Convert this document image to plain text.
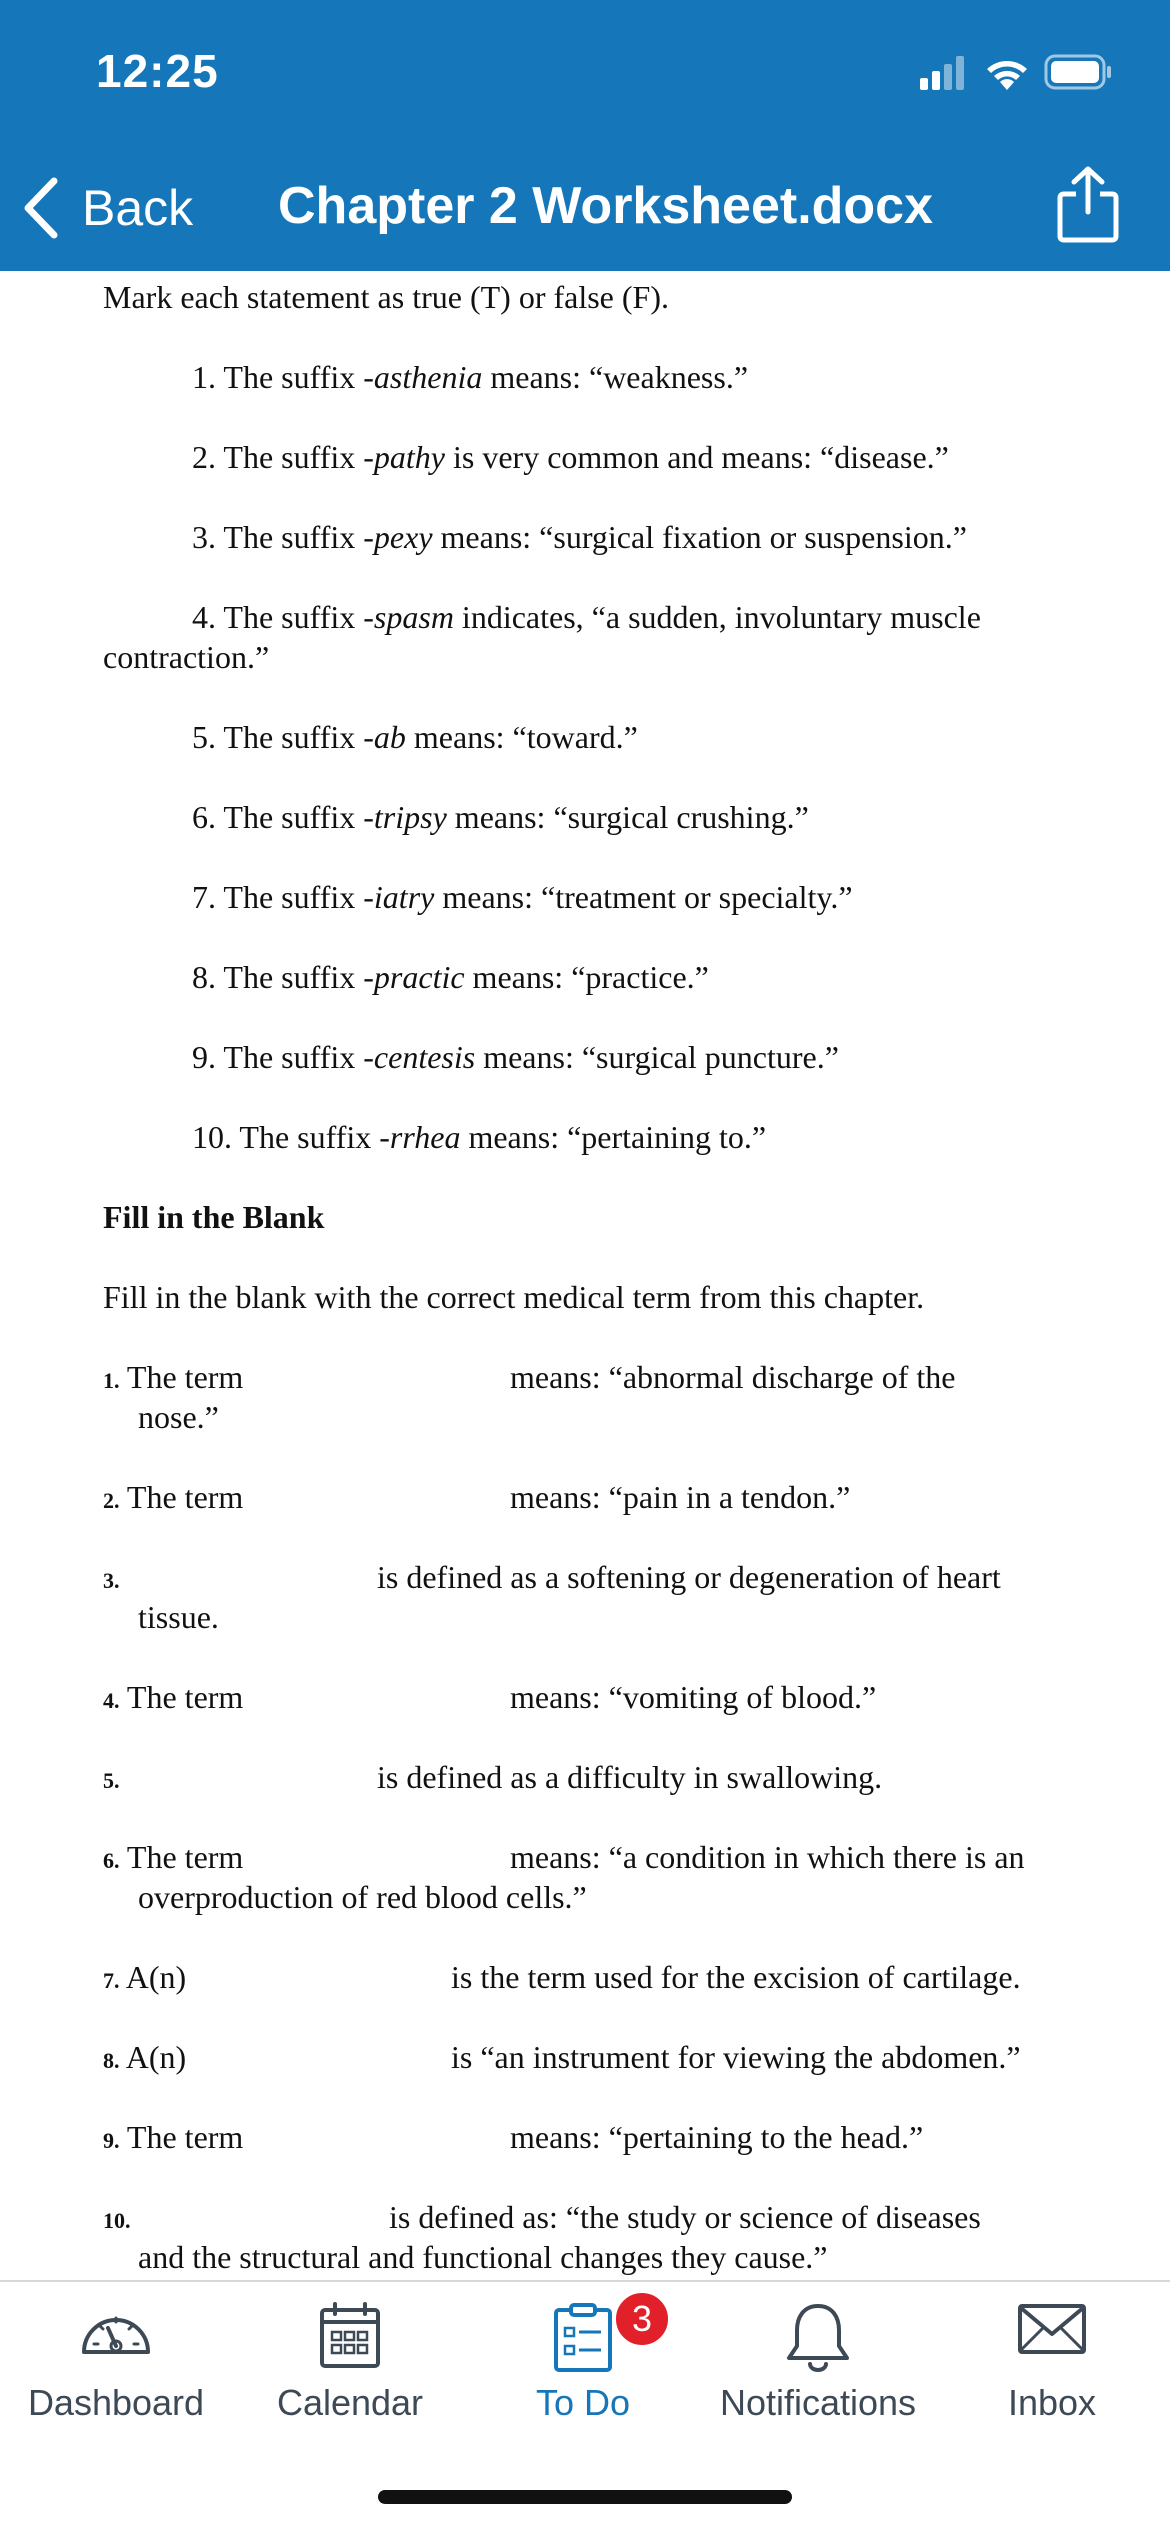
12:25
Back Chapter 2 Worksheet.docx
Mark each statement as true (T) or false (F).
1. The suffix -asthenia means: “weakness.”
2. The suffix -pathy is very common and means: “disease.”
3. The suffix -pexy means: “surgical fixation or suspension.”
4. The suffix -spasm indicates, “a sudden, involuntary muscle
contraction.”
5. The suffix -ab means: “toward.”
6. The suffix -tripsy means: “surgical crushing.”
7. The suffix -iatry means: “treatment or specialty.”
8. The suffix -practic means: “practice.”
9. The suffix -centesis means: “surgical puncture.”
10. The suffix -rrhea means: “pertaining to.”
Fill in the Blank
Fill in the blank with the correct medical term from this chapter.
1. The term	means: “abnormal discharge of the
nose.”
2. The term	means: “pain in a tendon.”
3.	is defined as a softening or degeneration of heart
tissue.
4. The term	means: “vomiting of blood.”
5.	is defined as a difficulty in swallowing.
6. The term	means: “a condition in which there is an
overproduction of red blood cells.”
7. A(n)	is the term used for the excision of cartilage.
8. A(n)	is “an instrument for viewing the abdomen.”
9. The term	means: “pertaining to the head.”
10.	is defined as: “the study or science of diseases
and the structural and functional changes they cause.”
Dashboard	Calendar
3
To Do	Notifications	Inbox
